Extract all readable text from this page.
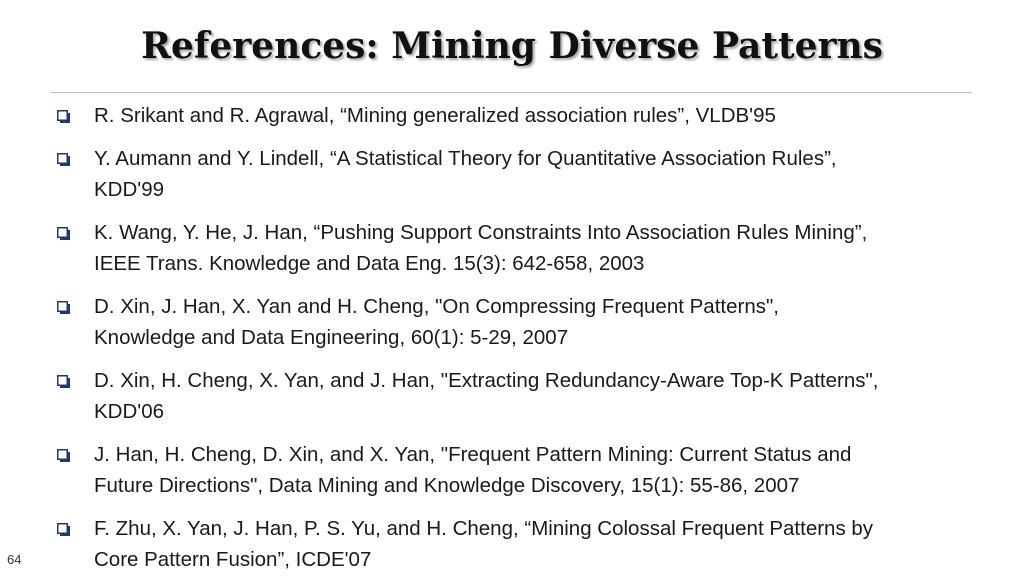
References: Mining Diverse Patterns
R. Srikant and R. Agrawal, “Mining generalized association rules”, VLDB'95
Y. Aumann and Y. Lindell, “A Statistical Theory for Quantitative Association Rules”,
KDD'99
K. Wang, Y. He, J. Han, “Pushing Support Constraints Into Association Rules Mining”,
IEEE Trans. Knowledge and Data Eng. 15(3): 642-658, 2003
D. Xin, J. Han, X. Yan and H. Cheng, "On Compressing Frequent Patterns",
Knowledge and Data Engineering, 60(1): 5-29, 2007
D. Xin, H. Cheng, X. Yan, and J. Han, "Extracting Redundancy-Aware Top-K Patterns",
KDD'06
J. Han, H. Cheng, D. Xin, and X. Yan, "Frequent Pattern Mining: Current Status and
Future Directions", Data Mining and Knowledge Discovery, 15(1): 55-86, 2007
F. Zhu, X. Yan, J. Han, P. S. Yu, and H. Cheng, “Mining Colossal Frequent Patterns by
Core Pattern Fusion”, ICDE'07
64
